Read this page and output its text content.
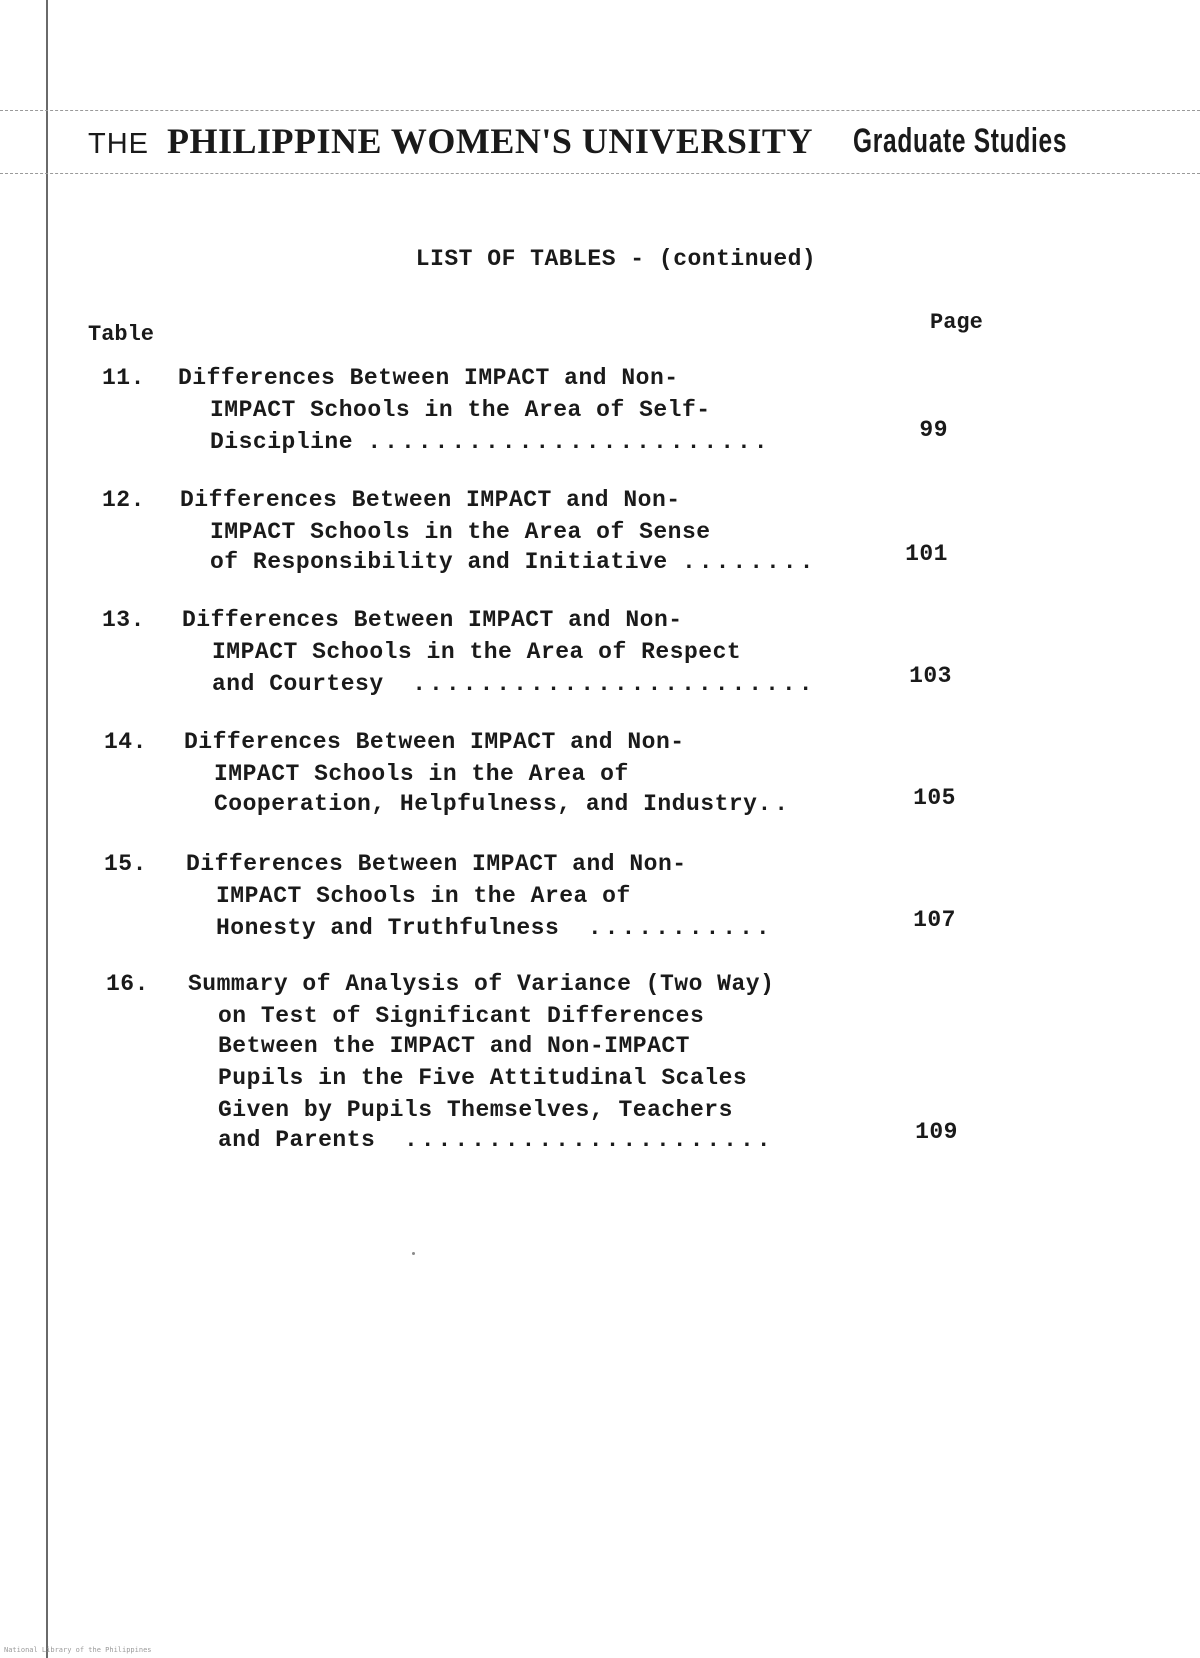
THE PHILIPPINE WOMEN'S UNIVERSITY Graduate Studies
LIST OF TABLES - (continued)
Table	Page
11.	Differences Between IMPACT and Non-
IMPACT Schools in the Area of Self-
Discipline ........................	99
12.	Differences Between IMPACT and Non-
IMPACT Schools in the Area of Sense
of Responsibility and Initiative ........	101
13.	Differences Between IMPACT and Non-
IMPACT Schools in the Area of Respect
and Courtesy ........................	103
14.	Differences Between IMPACT and Non-
IMPACT Schools in the Area of
Cooperation, Helpfulness, and Industry..	105
15.	Differences Between IMPACT and Non-
IMPACT Schools in the Area of
Honesty and Truthfulness ...........	107
16.	Summary of Analysis of Variance (Two Way)
on Test of Significant Differences
Between the IMPACT and Non-IMPACT
Pupils in the Five Attitudinal Scales
Given by Pupils Themselves, Teachers
and Parents ......................	109
National Library of the Philippines
